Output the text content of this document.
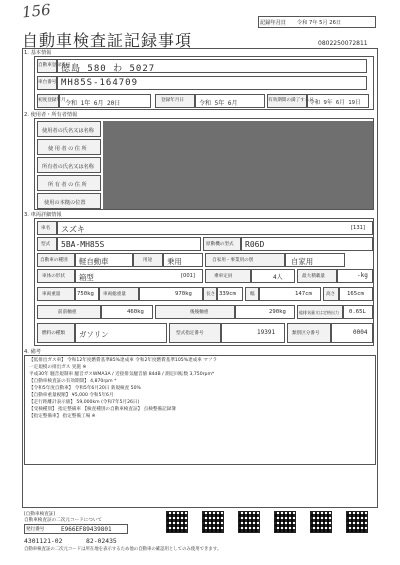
156
記録年月日 令和 7年 5月 26日
自動車検査証記録事項	0802250072811
1. 基本情報
自動車登録番号
徳島 580 わ 5027
車台番号 MH85S-164709
初度登録年月 令和 1年 6月 20日	登録年月日	令和 5年 6月	有効期間の満了する日
令和 9年 6月 19日
2. 使用者・所有者情報
使用者の氏名又は名称
使用者の住所
所有者の氏名又は名称
所有者の住所
使用の本拠の位置
3. 車両詳細情報
車名 スズキ	[131]
型式 5BA-MH85S	原動機の型式 R06D
自動車の種別 軽自動車	用途 乗用	自家用・事業用の別	自家用
車体の形状 箱型	[001]	乗車定員	4人	最大積載量	-kg
車両重量	750kg 車両総重量	970kg	長さ 339cm	幅	147cm	高さ 165cm
前前軸重	460kg	後後軸重	290kg	総排気量又は定格出力 0.65L
燃料の種類 ガソリン	型式指定番号	19391	類別区分番号	0004
4. 備考
【低排出ガス車】 令和12年度燃費基準85%達成車 令和2年度燃費基準105%達成車 マフラ
一定規模の排出ガス 実施 ※
平成30年 騒音規制車 騒音ガスWMA3A / 近接排気騒音値 84dB / 測定回転数 3,750rpm*
【自動車検査証の有効期間】 4,870rpm *
【令和5年度自動車】 令和5年6月20日 新規検査 50%
【自動車重量税額】 ¥5,000 令和5年6月
【走行距離計表示値】 59,000km (令和7年5月26日)
【受検種別】 指定整備車 【検査種別の自動車検査証】 点検整備記録簿
【指定整備車】 指定整備工場 ※
[自動車検査証]
自動車検査証の二次元コードについて
発行番号	E966EF89439801
4301121-02	82-02435
自動車検査証の二次元コードは所在地を表示するため他の自動車の確認用としてのみ使用できます。
